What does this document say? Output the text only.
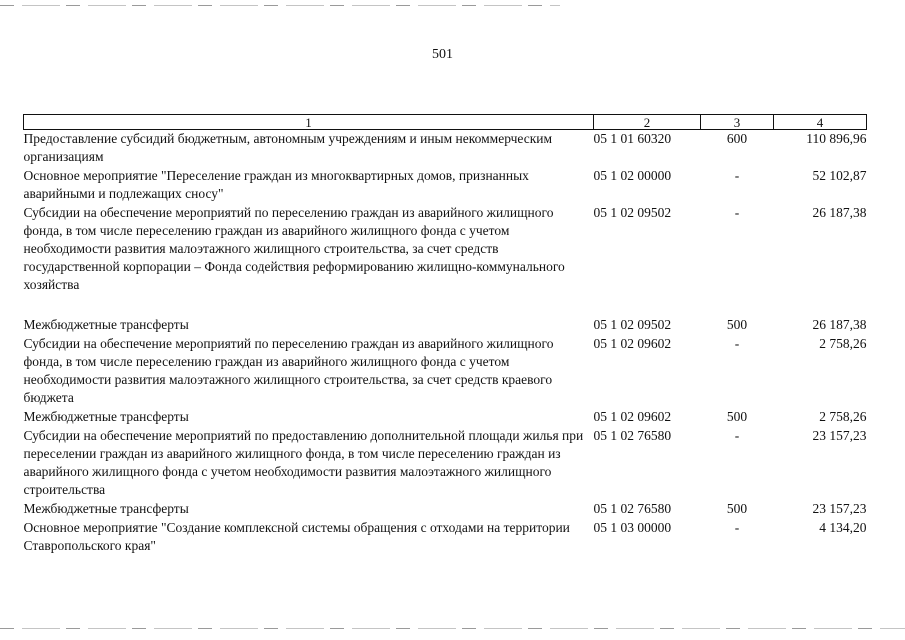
501
1	2	3	4
Предоставление субсидий бюджетным, автономным учреждениям и иным некоммерческим организациям	05 1 01 60320	600	110 896,96
Основное мероприятие "Переселение граждан из многоквартирных домов, признанных аварийными и подлежащих сносу"	05 1 02 00000	-	52 102,87
Субсидии на обеспечение мероприятий по переселению граждан из аварийного жилищного фонда, в том числе переселению граждан из аварийного жилищного фонда с учетом необходимости развития малоэтажного жилищного строительства, за счет средств государственной корпорации – Фонда содействия реформированию жилищно-коммунального хозяйства	05 1 02 09502	-	26 187,38

Межбюджетные трансферты	05 1 02 09502	500	26 187,38
Субсидии на обеспечение мероприятий по переселению граждан из аварийного жилищного фонда, в том числе переселению граждан из аварийного жилищного фонда с учетом необходимости развития малоэтажного жилищного строительства, за счет средств краевого бюджета	05 1 02 09602	-	2 758,26
Межбюджетные трансферты	05 1 02 09602	500	2 758,26
Субсидии на обеспечение мероприятий по предоставлению дополнительной площади жилья при переселении граждан из аварийного жилищного фонда, в том числе переселению граждан из аварийного жилищного фонда с учетом необходимости развития малоэтажного жилищного строительства	05 1 02 76580	-	23 157,23
Межбюджетные трансферты	05 1 02 76580	500	23 157,23
Основное мероприятие "Создание комплексной системы обращения с отходами на территории Ставропольского края"	05 1 03 00000	-	4 134,20
